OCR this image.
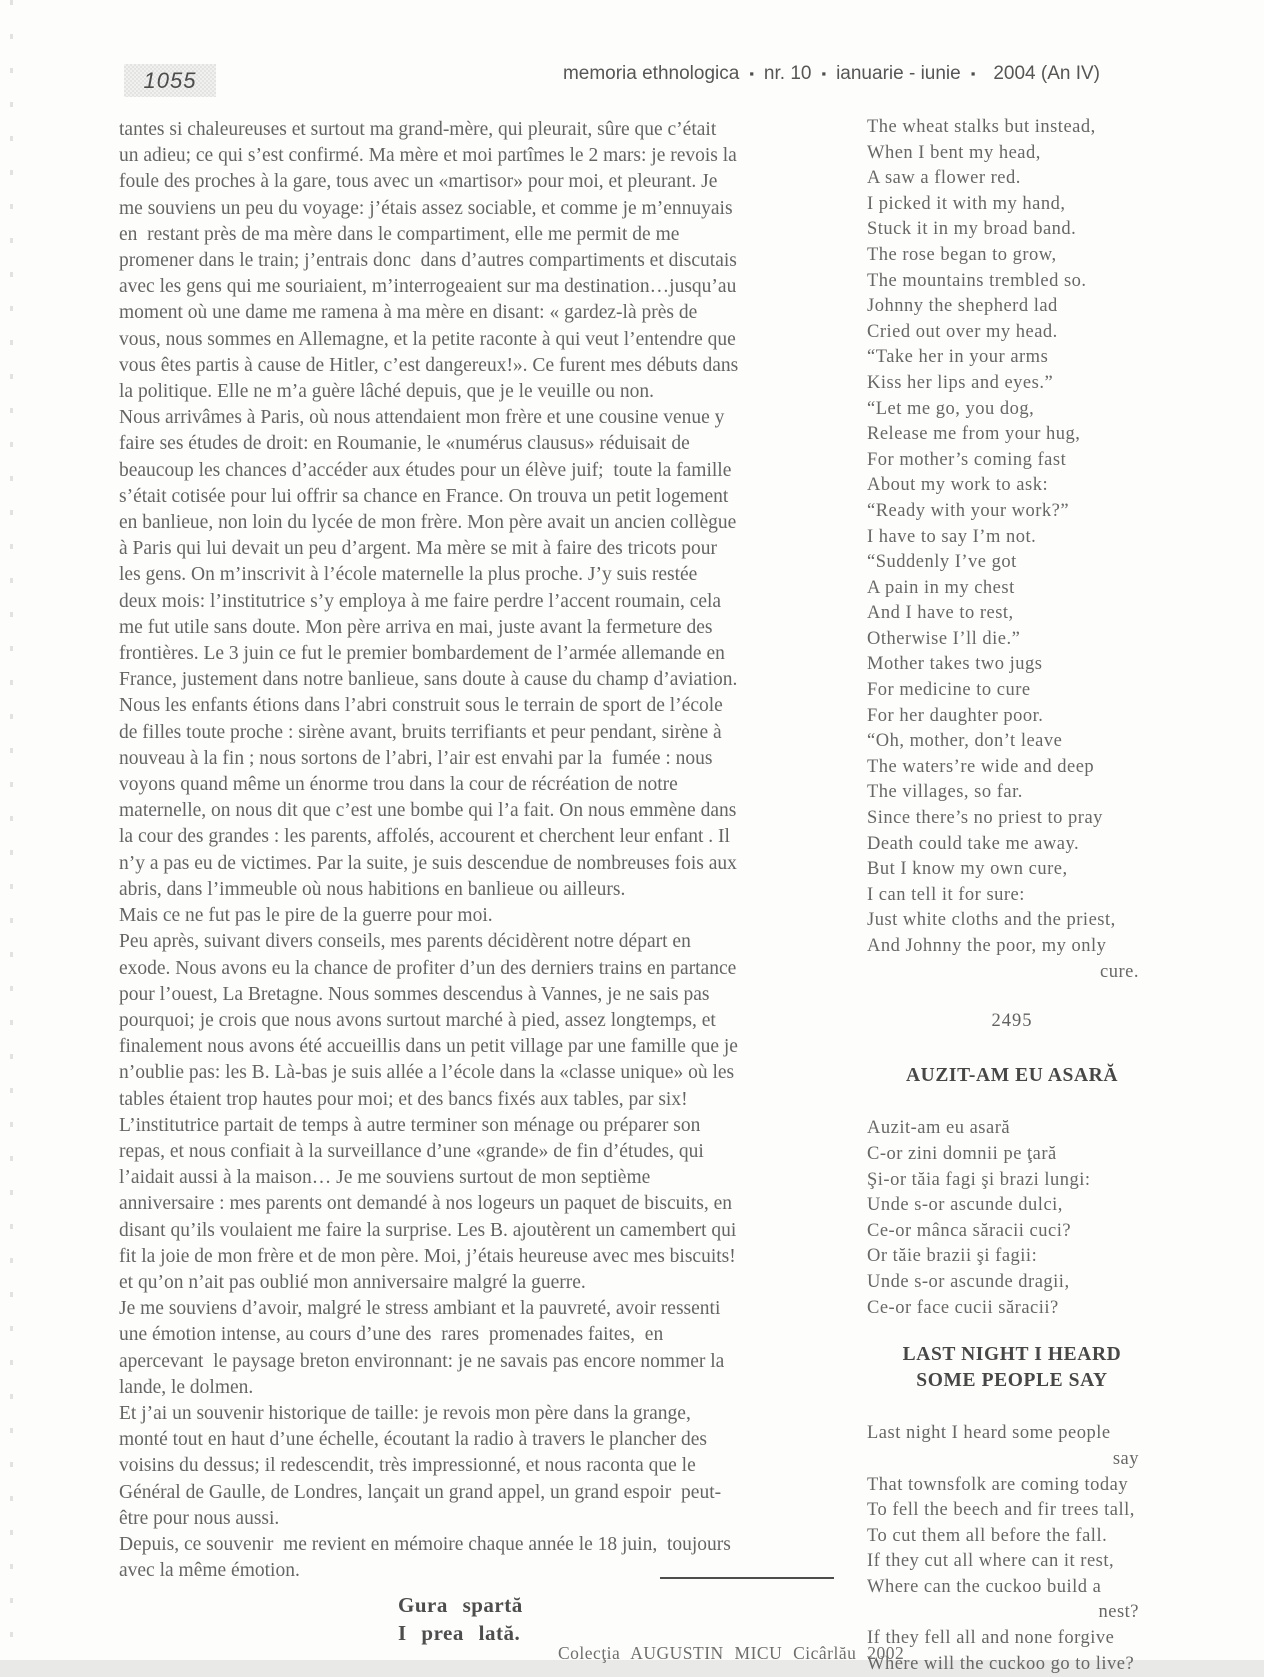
1055	memoria ethnologica ▪ nr. 10 ▪ ianuarie - iunie ▪ 2004 (An IV)
tantes si chaleureuses et surtout ma grand-mère, qui pleurait, sûre que c’était
un adieu; ce qui s’est confirmé. Ma mère et moi partîmes le 2 mars: je revois la
foule des proches à la gare, tous avec un «martisor» pour moi, et pleurant. Je
me souviens un peu du voyage: j’étais assez sociable, et comme je m’ennuyais
en  restant près de ma mère dans le compartiment, elle me permit de me
promener dans le train; j’entrais donc  dans d’autres compartiments et discutais
avec les gens qui me souriaient, m’interrogeaient sur ma destination…jusqu’au
moment où une dame me ramena à ma mère en disant: « gardez-là près de
vous, nous sommes en Allemagne, et la petite raconte à qui veut l’entendre que
vous êtes partis à cause de Hitler, c’est dangereux!». Ce furent mes débuts dans
la politique. Elle ne m’a guère lâché depuis, que je le veuille ou non.
Nous arrivâmes à Paris, où nous attendaient mon frère et une cousine venue y
faire ses études de droit: en Roumanie, le «numérus clausus» réduisait de
beaucoup les chances d’accéder aux études pour un élève juif;  toute la famille
s’était cotisée pour lui offrir sa chance en France. On trouva un petit logement
en banlieue, non loin du lycée de mon frère. Mon père avait un ancien collègue
à Paris qui lui devait un peu d’argent. Ma mère se mit à faire des tricots pour
les gens. On m’inscrivit à l’école maternelle la plus proche. J’y suis restée
deux mois: l’institutrice s’y employa à me faire perdre l’accent roumain, cela
me fut utile sans doute. Mon père arriva en mai, juste avant la fermeture des
frontières. Le 3 juin ce fut le premier bombardement de l’armée allemande en
France, justement dans notre banlieue, sans doute à cause du champ d’aviation.
Nous les enfants étions dans l’abri construit sous le terrain de sport de l’école
de filles toute proche : sirène avant, bruits terrifiants et peur pendant, sirène à
nouveau à la fin ; nous sortons de l’abri, l’air est envahi par la  fumée : nous
voyons quand même un énorme trou dans la cour de récréation de notre
maternelle, on nous dit que c’est une bombe qui l’a fait. On nous emmène dans
la cour des grandes : les parents, affolés, accourent et cherchent leur enfant . Il
n’y a pas eu de victimes. Par la suite, je suis descendue de nombreuses fois aux
abris, dans l’immeuble où nous habitions en banlieue ou ailleurs.
Mais ce ne fut pas le pire de la guerre pour moi.
Peu après, suivant divers conseils, mes parents décidèrent notre départ en
exode. Nous avons eu la chance de profiter d’un des derniers trains en partance
pour l’ouest, La Bretagne. Nous sommes descendus à Vannes, je ne sais pas
pourquoi; je crois que nous avons surtout marché à pied, assez longtemps, et
finalement nous avons été accueillis dans un petit village par une famille que je
n’oublie pas: les B. Là-bas je suis allée a l’école dans la «classe unique» où les
tables étaient trop hautes pour moi; et des bancs fixés aux tables, par six!
L’institutrice partait de temps à autre terminer son ménage ou préparer son
repas, et nous confiait à la surveillance d’une «grande» de fin d’études, qui
l’aidait aussi à la maison… Je me souviens surtout de mon septième
anniversaire : mes parents ont demandé à nos logeurs un paquet de biscuits, en
disant qu’ils voulaient me faire la surprise. Les B. ajoutèrent un camembert qui
fit la joie de mon frère et de mon père. Moi, j’étais heureuse avec mes biscuits!
et qu’on n’ait pas oublié mon anniversaire malgré la guerre.
Je me souviens d’avoir, malgré le stress ambiant et la pauvreté, avoir ressenti
une émotion intense, au cours d’une des  rares  promenades faites,  en
apercevant  le paysage breton environnant: je ne savais pas encore nommer la
lande, le dolmen.
Et j’ai un souvenir historique de taille: je revois mon père dans la grange,
monté tout en haut d’une échelle, écoutant la radio à travers le plancher des
voisins du dessus; il redescendit, très impressionné, et nous raconta que le
Général de Gaulle, de Londres, lançait un grand appel, un grand espoir  peut-
être pour nous aussi.
Depuis, ce souvenir  me revient en mémoire chaque année le 18 juin,  toujours
avec la même émotion.
The wheat stalks but instead,
When I bent my head,
A saw a flower red.
I picked it with my hand,
Stuck it in my broad band.
The rose began to grow,
The mountains trembled so.
Johnny the shepherd lad
Cried out over my head.
“Take her in your arms
Kiss her lips and eyes.”
“Let me go, you dog,
Release me from your hug,
For mother’s coming fast
About my work to ask:
“Ready with your work?”
I have to say I’m not.
“Suddenly I’ve got
A pain in my chest
And I have to rest,
Otherwise I’ll die.”
Mother takes two jugs
For medicine to cure
For her daughter poor.
“Oh, mother, don’t leave
The waters’re wide and deep
The villages, so far.
Since there’s no priest to pray
Death could take me away.
But I know my own cure,
I can tell it for sure:
Just white cloths and the priest,
And Johnny the poor, my only
cure.
2495
AUZIT-AM EU ASARĂ
Auzit-am eu asară
C-or zini domnii pe ţară
Şi-or tăia fagi şi brazi lungi:
Unde s-or ascunde dulci,
Ce-or mânca săracii cuci?
Or tăie brazii şi fagii:
Unde s-or ascunde dragii,
Ce-or face cucii săracii?
LAST NIGHT I HEARD
SOME PEOPLE SAY
Last night I heard some people
say
That townsfolk are coming today
To fell the beech and fir trees tall,
To cut them all before the fall.
If they cut all where can it rest,
Where can the cuckoo build a
nest?
If they fell all and none forgive
Where will the cuckoo go to live?
Gura spartă
I prea lată.
Colecţia AUGUSTIN MICU Cicârlău 2002
